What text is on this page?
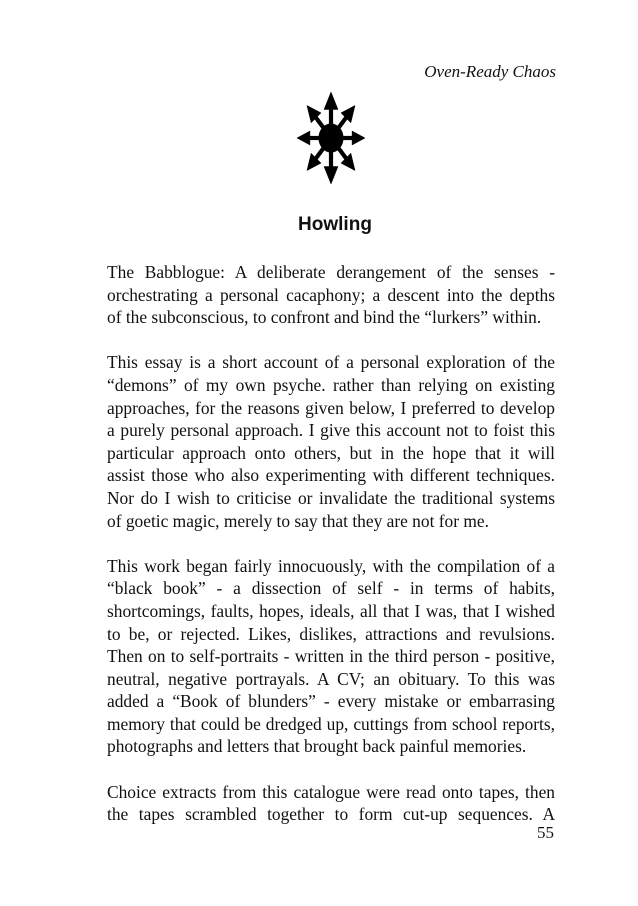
Oven-Ready Chaos
Howling

The Babblogue: A deliberate derangement of the senses -
orchestrating a personal cacaphony; a descent into the depths
of the subconscious, to confront and bind the “lurkers” within.

This essay is a short account of a personal exploration of the
“demons” of my own psyche. rather than relying on existing
approaches, for the reasons given below, I preferred to develop
a purely personal approach. I give this account not to foist this
particular approach onto others, but in the hope that it will
assist those who also experimenting with different techniques.
Nor do I wish to criticise or invalidate the traditional systems
of goetic magic, merely to say that they are not for me.

This work began fairly innocuously, with the compilation of a
“black book” - a dissection of self - in terms of habits,
shortcomings, faults, hopes, ideals, all that I was, that I wished
to be, or rejected. Likes, dislikes, attractions and revulsions.
Then on to self-portraits - written in the third person - positive,
neutral, negative portrayals. A CV; an obituary. To this was
added a “Book of blunders” - every mistake or embarrasing
memory that could be dredged up, cuttings from school reports,
photographs and letters that brought back painful memories.

Choice extracts from this catalogue were read onto tapes, then
the tapes scrambled together to form cut-up sequences. A

55
